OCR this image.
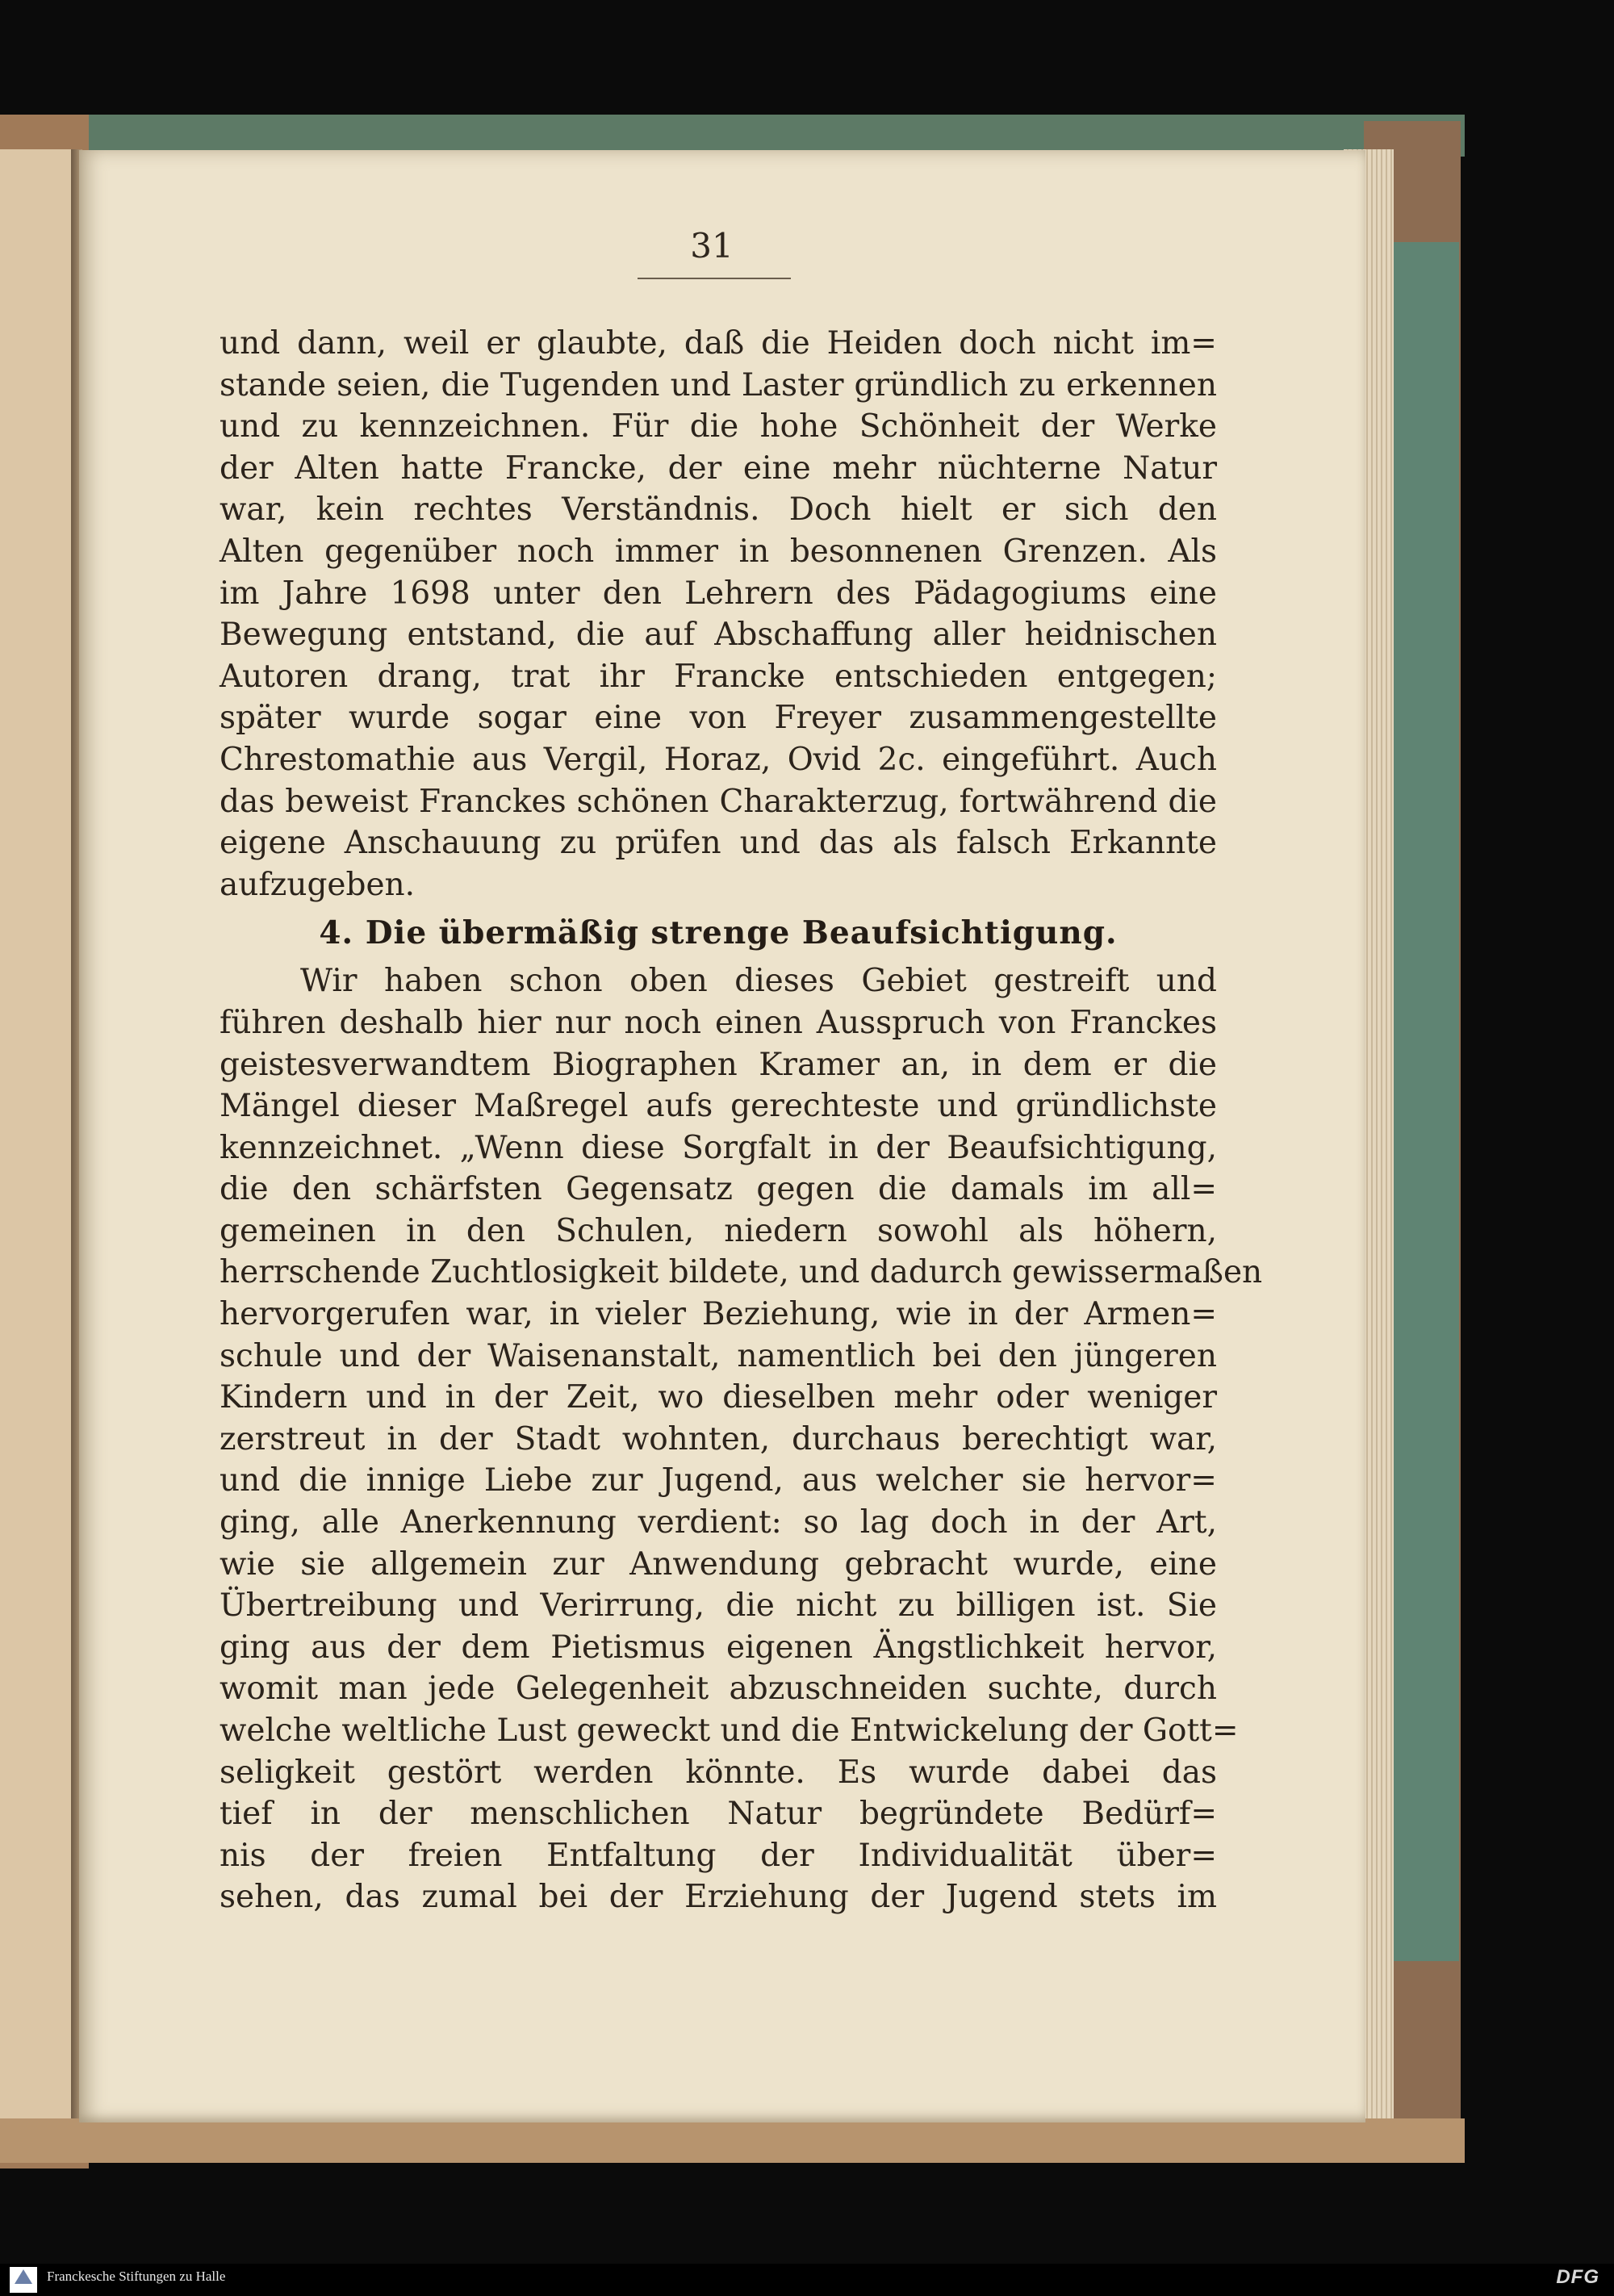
31
und dann, weil er glaubte, daß die Heiden doch nicht im=
stande seien, die Tugenden und Laster gründlich zu erkennen
und zu kennzeichnen. Für die hohe Schönheit der Werke
der Alten hatte Francke, der eine mehr nüchterne Natur
war, kein rechtes Verständnis. Doch hielt er sich den
Alten gegenüber noch immer in besonnenen Grenzen. Als
im Jahre 1698 unter den Lehrern des Pädagogiums eine
Bewegung entstand, die auf Abschaffung aller heidnischen
Autoren drang, trat ihr Francke entschieden entgegen;
später wurde sogar eine von Freyer zusammengestellte
Chrestomathie aus Vergil, Horaz, Ovid 2c. eingeführt. Auch
das beweist Franckes schönen Charakterzug, fortwährend die
eigene Anschauung zu prüfen und das als falsch Erkannte
aufzugeben.
4. Die übermäßig strenge Beaufsichtigung.
Wir haben schon oben dieses Gebiet gestreift und
führen deshalb hier nur noch einen Ausspruch von Franckes
geistesverwandtem Biographen Kramer an, in dem er die
Mängel dieser Maßregel aufs gerechteste und gründlichste
kennzeichnet. „Wenn diese Sorgfalt in der Beaufsichtigung,
die den schärfsten Gegensatz gegen die damals im all=
gemeinen in den Schulen, niedern sowohl als höhern,
herrschende Zuchtlosigkeit bildete, und dadurch gewissermaßen
hervorgerufen war, in vieler Beziehung, wie in der Armen=
schule und der Waisenanstalt, namentlich bei den jüngeren
Kindern und in der Zeit, wo dieselben mehr oder weniger
zerstreut in der Stadt wohnten, durchaus berechtigt war,
und die innige Liebe zur Jugend, aus welcher sie hervor=
ging, alle Anerkennung verdient: so lag doch in der Art,
wie sie allgemein zur Anwendung gebracht wurde, eine
Übertreibung und Verirrung, die nicht zu billigen ist. Sie
ging aus der dem Pietismus eigenen Ängstlichkeit hervor,
womit man jede Gelegenheit abzuschneiden suchte, durch
welche weltliche Lust geweckt und die Entwickelung der Gott=
seligkeit gestört werden könnte. Es wurde dabei das
tief in der menschlichen Natur begründete Bedürf=
nis der freien Entfaltung der Individualität über=
sehen, das zumal bei der Erziehung der Jugend stets im
Franckesche Stiftungen zu Halle	DFG
